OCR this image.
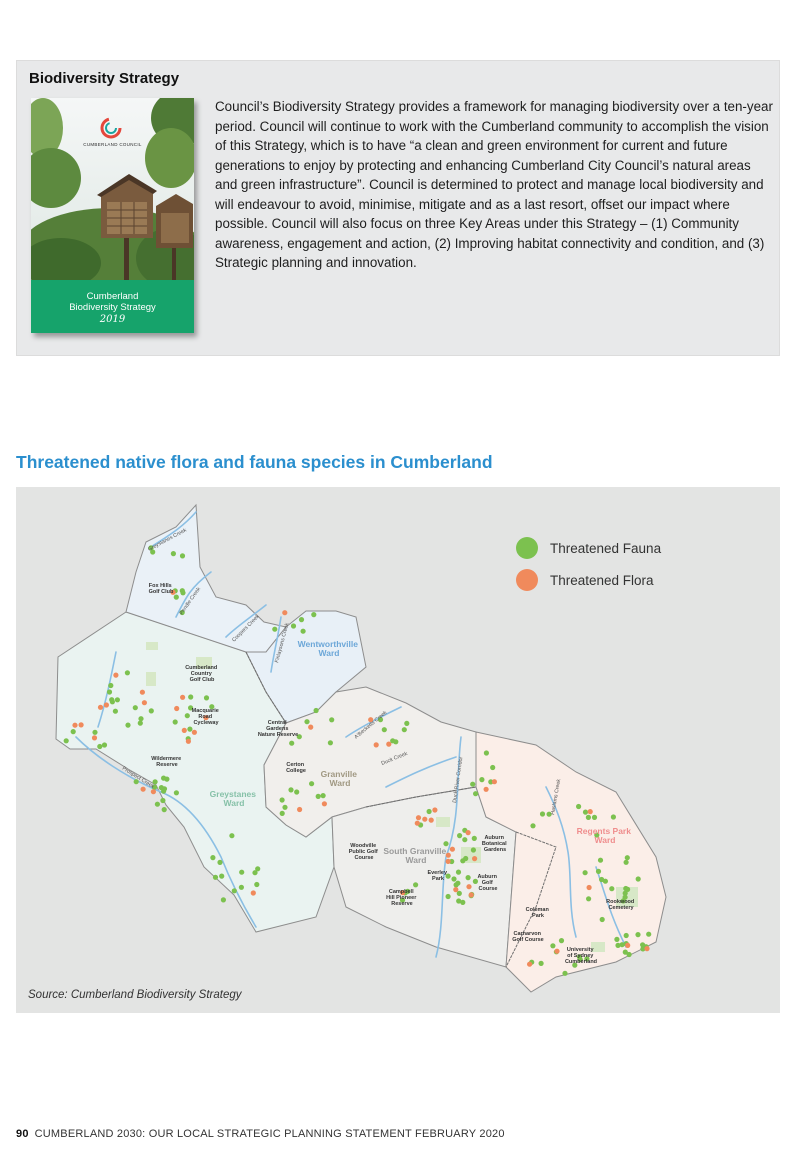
Biodiversity Strategy
CUMBERLAND COUNCIL
Cumberland
Biodiversity Strategy
2019

Council’s Biodiversity Strategy provides a framework for managing biodiversity over a ten-year period. Council will continue to work with the Cumberland community to accomplish the vision of this Strategy, which is to have “a clean and green environment for current and future generations to enjoy by protecting and enhancing Cumberland City Council’s natural areas and green infrastructure”. Council is determined to protect and manage local biodiversity and will endeavour to avoid, minimise, mitigate and as a last resort, offset our impact where possible. Council will also focus on three Key Areas under this Strategy – (1) Community awareness, engagement and action, (2) Improving habitat connectivity and condition, and (3) Strategic planning and innovation.

Threatened native flora and fauna species in Cumberland
Wentworthville Ward
Granville Ward
Greystanes Ward
South Granville Ward
Regents Park Ward
Fox Hills Golf Club
Cumberland Country Golf Club
Macquarie Road Cycleway	Central Gardens Nature Reserve
Wildermere Reserve	Certon College
Woodville Public Golf Course
Auburn Botanical Gardens
Everley Park	Auburn Golf Course
Campbell Hill Pioneer Reserve
Coleman Park
Carnarvon Golf Course
Rookwood Cemetery
University of Sydney Cumberland
Greystanes Creek
Pendle Creek
Coopers Creek	Finlaysons Creek
Prospect Creek
A'Becketts Creek
Duck Creek	Duck River Corridor	Haslams Creek
Threatened Fauna
Threatened Flora
Source: Cumberland Biodiversity Strategy
90 CUMBERLAND 2030: OUR LOCAL STRATEGIC PLANNING STATEMENT FEBRUARY 2020
